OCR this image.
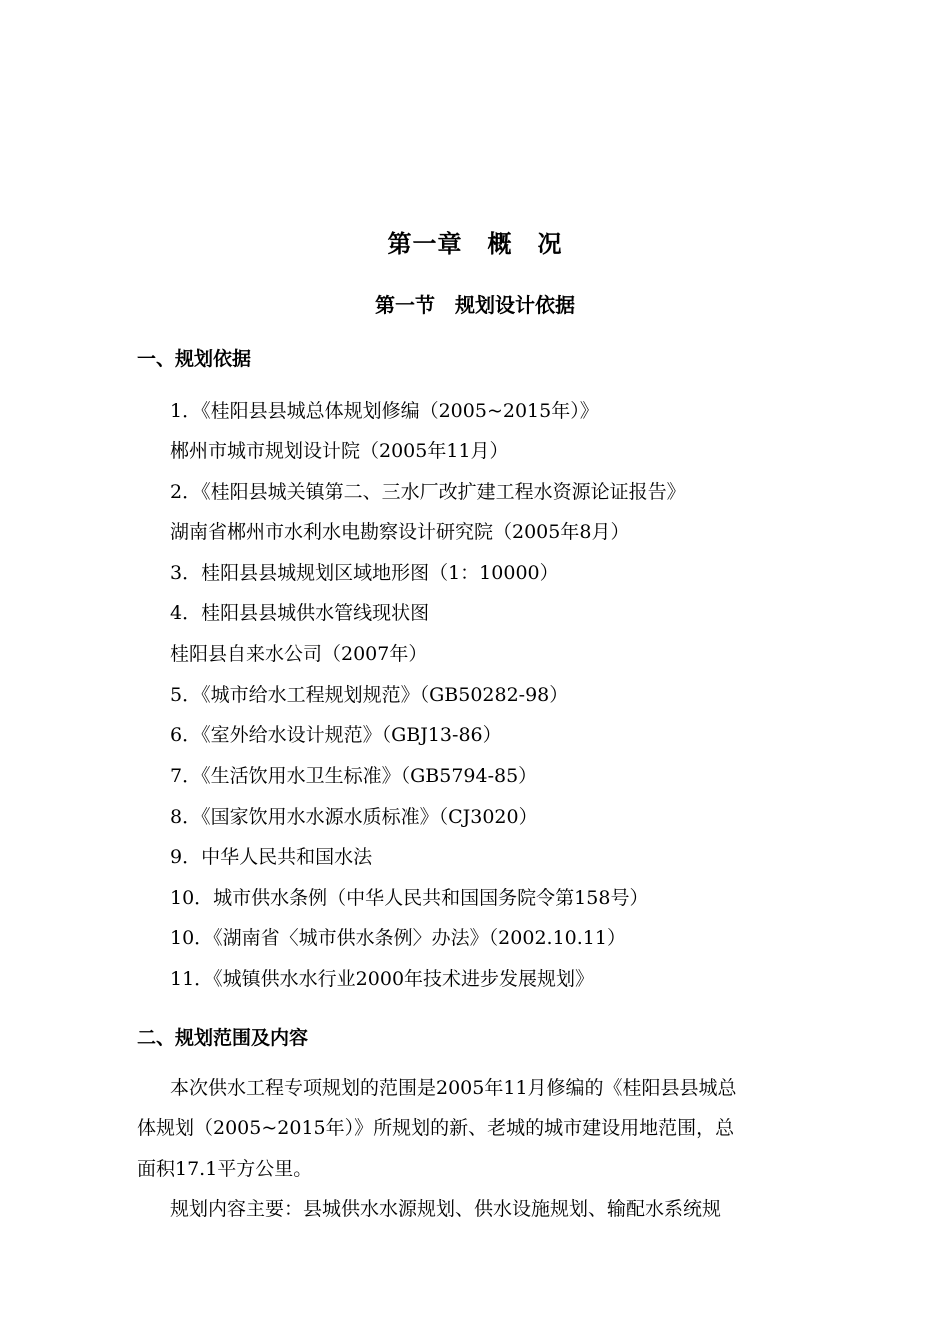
第一章　概　况
第一节　规划设计依据
一、规划依据
1．《桂阳县县城总体规划修编（2005~2015年）》
郴州市城市规划设计院（2005年11月）
2．《桂阳县城关镇第二、三水厂改扩建工程水资源论证报告》
湖南省郴州市水利水电勘察设计研究院（2005年8月）
3．桂阳县县城规划区域地形图（1：10000）
4．桂阳县县城供水管线现状图
桂阳县自来水公司（2007年）
5．《城市给水工程规划规范》（GB50282-98）
6．《室外给水设计规范》（GBJ13-86）
7．《生活饮用水卫生标准》（GB5794-85）
8．《国家饮用水水源水质标准》（CJ3020）
9．中华人民共和国水法
10．城市供水条例（中华人民共和国国务院令第158号）
10．《湖南省〈城市供水条例〉办法》（2002.10.11）
11．《城镇供水水行业2000年技术进步发展规划》
二、规划范围及内容
本次供水工程专项规划的范围是2005年11月修编的《桂阳县县城总
体规划（2005~2015年）》所规划的新、老城的城市建设用地范围，总
面积17.1平方公里。
规划内容主要：县城供水水源规划、供水设施规划、输配水系统规
